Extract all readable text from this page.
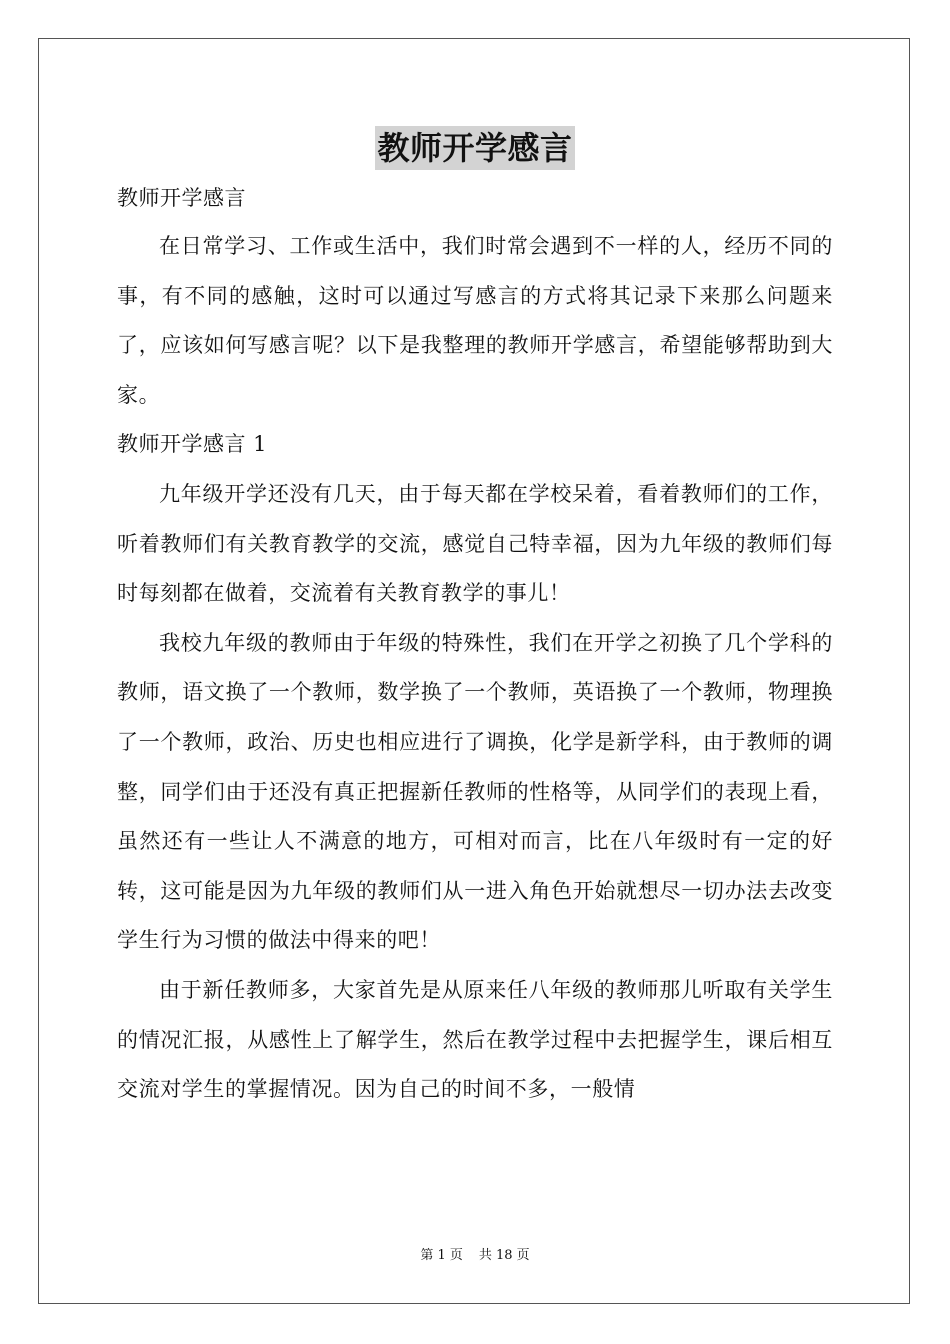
教师开学感言
教师开学感言

在日常学习、工作或生活中，我们时常会遇到不一样的人，经历不同的事，有不同的感触，这时可以通过写感言的方式将其记录下来那么问题来了，应该如何写感言呢？以下是我整理的教师开学感言，希望能够帮助到大家。

教师开学感言 1

九年级开学还没有几天，由于每天都在学校呆着，看着教师们的工作，听着教师们有关教育教学的交流，感觉自己特幸福，因为九年级的教师们每时每刻都在做着，交流着有关教育教学的事儿！

我校九年级的教师由于年级的特殊性，我们在开学之初换了几个学科的教师，语文换了一个教师，数学换了一个教师，英语换了一个教师，物理换了一个教师，政治、历史也相应进行了调换，化学是新学科，由于教师的调整，同学们由于还没有真正把握新任教师的性格等，从同学们的表现上看，虽然还有一些让人不满意的地方，可相对而言，比在八年级时有一定的好转，这可能是因为九年级的教师们从一进入角色开始就想尽一切办法去改变学生行为习惯的做法中得来的吧！

由于新任教师多，大家首先是从原来任八年级的教师那儿听取有关学生的情况汇报，从感性上了解学生，然后在教学过程中去把握学生，课后相互交流对学生的掌握情况。因为自己的时间不多，一般情

第 1 页 共 18 页
